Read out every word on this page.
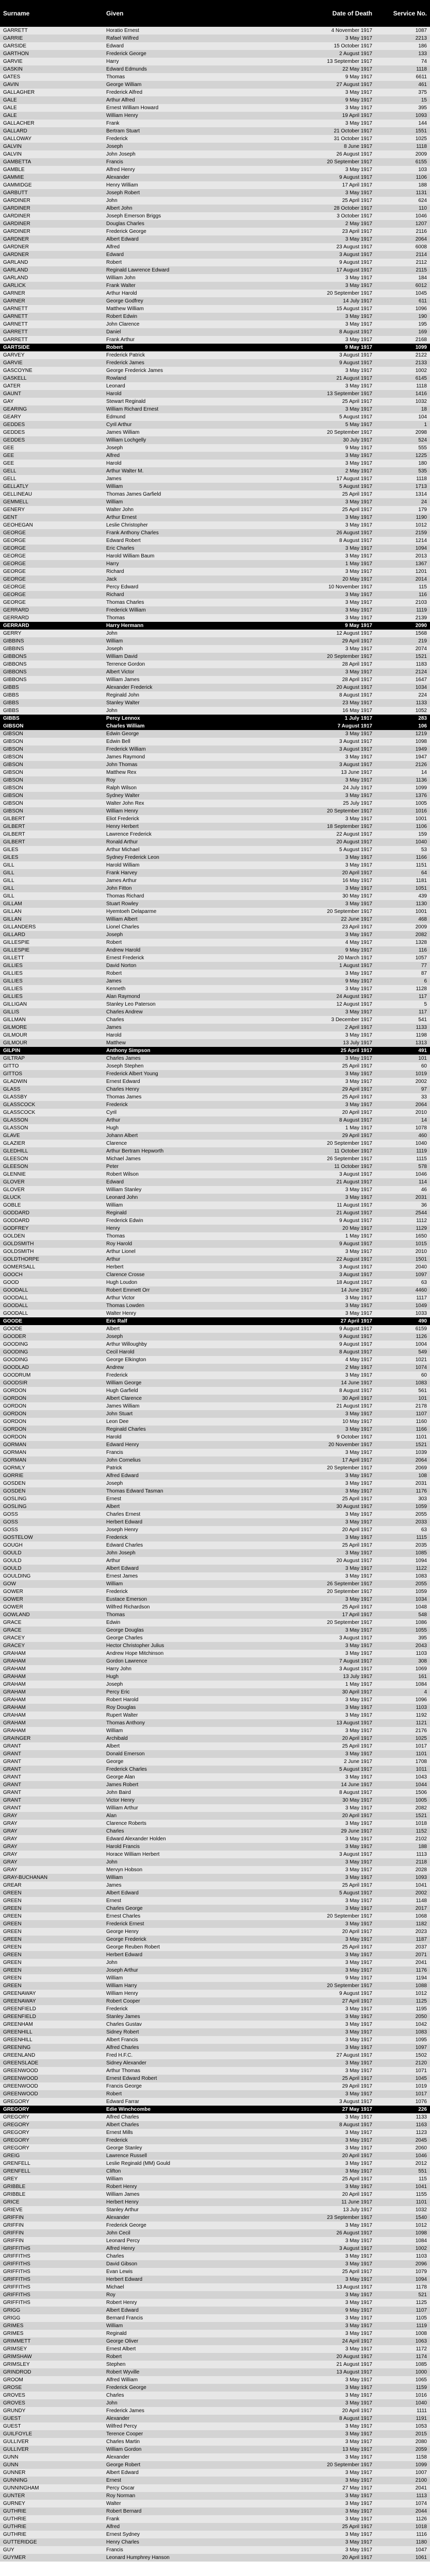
Surname	Given	Date of Death	Service No.
GARRETT	Horatio Ernest	4 November 1917	1087
GARRIE	Rafael Wilfred	3 May 1917	2213
GARSIDE	Edward	15 October 1917	186
GARTHON	Frederick George	2 August 1917	133
GARVIE	Harry	13 September 1917	74
GASKIN	Edward Edmunds	22 May 1917	1118
GATES	Thomas	9 May 1917	6611
GAVIN	George William	27 August 1917	461
GALLAGHER	Frederick Alfred	3 May 1917	375
GALE	Arthur Alfred	9 May 1917	15
GALE	Ernest William Howard	3 May 1917	395
GALE	William Henry	19 April 1917	1093
GALLACHER	Frank	3 May 1917	144
GALLARD	Bertram Stuart	21 October 1917	1551
GALLOWAY	Frederick	31 October 1917	1025
GALVIN	Joseph	8 June 1917	1118
GALVIN	John Joseph	26 August 1917	2009
GAMBETTA	Francis	20 September 1917	6155
GAMBLE	Alfred Henry	3 May 1917	103
GAMMIE	Alexander	9 August 1917	1106
GAMMIDGE	Henry William	17 April 1917	188
GARBUTT	Joseph Robert	3 May 1917	1131
GARDINER	John	25 April 1917	624
GARDINER	Albert John	28 October 1917	110
GARDINER	Joseph Emerson Briggs	3 October 1917	1046
GARDINER	Douglas Charles	2 May 1917	1207
GARDINER	Frederick George	23 April 1917	2116
GARDNER	Albert Edward	3 May 1917	2064
GARDNER	Alfred	23 August 1917	6008
GARDNER	Edward	3 August 1917	2114
GARLAND	Robert	9 August 1917	2112
GARLAND	Reginald Lawrence Edward	17 August 1917	2115
GARLAND	William John	3 May 1917	184
GARLICK	Frank Walter	3 May 1917	6012
GARNER	Arthur Harold	20 September 1917	1045
GARNER	George Godfrey	14 July 1917	611
GARNETT	Matthew William	15 August 1917	1096
GARNETT	Robert Edwin	3 May 1917	190
GARNETT	John Clarence	3 May 1917	195
GARRETT	Daniel	8 August 1917	169
GARRETT	Frank Arthur	3 May 1917	2168
GARTSIDE	Robert	9 May 1917	1099
GARVEY	Frederick Patrick	3 August 1917	2122
GARVIE	Frederick James	9 August 1917	2133
GASCOYNE	George Frederick James	3 May 1917	1002
GASKELL	Rowland	21 August 1917	6145
GATER	Leonard	3 May 1917	1118
GAUNT	Harold	13 September 1917	1416
GAY	Stewart Reginald	25 April 1917	1032
GEARING	William Richard Ernest	3 May 1917	18
GEARY	Edmund	5 August 1917	104
GEDDES	Cyril Arthur	5 May 1917	1
GEDDES	James William	20 September 1917	2098
GEDDES	William Lochgelly	30 July 1917	524
GEE	Joseph	9 May 1917	555
GEE	Alfred	3 May 1917	1225
GEE	Harold	3 May 1917	180
GELL	Arthur Walter M.	2 May 1917	535
GELL	James	17 August 1917	1118
GELLATLY	William	5 August 1917	1713
GELLINEAU	Thomas James Garfield	25 April 1917	1314
GEMMELL	William	3 May 1917	24
GENERY	Walter John	25 April 1917	179
GENT	Arthur Ernest	3 May 1917	1190
GEOHEGAN	Leslie Christopher	3 May 1917	1012
GEORGE	Frank Anthony Charles	26 August 1917	2159
GEORGE	Edward Robert	8 August 1917	1214
GEORGE	Eric Charles	3 May 1917	1094
GEORGE	Harold William Baum	3 May 1917	2013
GEORGE	Harry	1 May 1917	1367
GEORGE	Richard	3 May 1917	1201
GEORGE	Jack	20 May 1917	2014
GEORGE	Percy Edward	10 November 1917	115
GEORGE	Richard	3 May 1917	116
GEORGE	Thomas Charles	3 May 1917	2103
GERRARD	Frederick William	3 May 1917	1119
GERRARD	Thomas	3 May 1917	2139
GERRARD	Harry Hermann	9 May 1917	2090
GERRY	John	12 August 1917	1568
GIBBINS	William	29 April 1917	219
GIBBINS	Joseph	3 May 1917	2074
GIBBONS	William David	20 September 1917	1521
GIBBONS	Terrence Gordon	28 April 1917	1183
GIBBONS	Albert Victor	3 May 1917	2124
GIBBONS	William James	28 April 1917	1647
GIBBS	Alexander Frederick	20 August 1917	1034
GIBBS	Reginald John	8 August 1917	224
GIBBS	Stanley Walter	23 May 1917	1133
GIBBS	John	16 May 1917	1052
GIBBS	Percy Lennox	1 July 1917	283
GIBSON	Charles William	7 August 1917	106
GIBSON	Edwin George	3 May 1917	1219
GIBSON	Edwin Bell	3 August 1917	1098
GIBSON	Frederick William	3 August 1917	1949
GIBSON	James Raymond	3 May 1917	1947
GIBSON	John Thomas	3 August 1917	2126
GIBSON	Matthew Rex	13 June 1917	14
GIBSON	Roy	3 May 1917	1136
GIBSON	Ralph Wilson	24 July 1917	1099
GIBSON	Sydney Walter	3 May 1917	1376
GIBSON	Walter John Rex	25 July 1917	1005
GIBSON	William Henry	20 September 1917	1016
GILBERT	Eliot Frederick	3 May 1917	1001
GILBERT	Henry Herbert	18 September 1917	1106
GILBERT	Lawrence Frederick	22 August 1917	159
GILBERT	Ronald Arthur	20 August 1917	1040
GILES	Arthur Michael	5 August 1917	53
GILES	Sydney Frederick Leon	3 May 1917	1166
GILL	Harold William	3 May 1917	1151
GILL	Frank Harvey	20 April 1917	64
GILL	James Arthur	16 May 1917	1181
GILL	John Fitton	3 May 1917	1051
GILL	Thomas Richard	30 May 1917	439
GILLAM	Stuart Rowley	3 May 1917	1130
GILLAN	Hyemtoeh Delaparme	20 September 1917	1001
GILLAN	William Albert	22 June 1917	468
GILLANDERS	Lionel Charles	23 April 1917	2009
GILLARD	Joseph	3 May 1917	2082
GILLESPIE	Robert	4 May 1917	1328
GILLESPIE	Andrew Harold	9 May 1917	116
GILLETT	Ernest Frederick	20 March 1917	1057
GILLIES	David Norton	1 August 1917	77
GILLIES	Robert	3 May 1917	87
GILLIES	James	9 May 1917	6
GILLIES	Kenneth	3 May 1917	1128
GILLIES	Alan Raymond	24 August 1917	117
GILLIGAN	Stanley Leo Paterson	12 August 1917	5
GILLIS	Charles Andrew	3 May 1917	117
GILLMAN	Charles	3 December 1917	541
GILMORE	James	2 April 1917	1133
GILMOUR	Harold	3 May 1917	1198
GILMOUR	Matthew	13 July 1917	1313
GILPIN	Anthony Simpson	25 April 1917	491
GILTRAP	Charles James	3 May 1917	101
GITTO	Joseph Stephen	25 April 1917	60
GITTOS	Frederick Albert Young	3 May 1917	1019
GLADWIN	Ernest Edward	3 May 1917	2002
GLASS	Charles Henry	29 April 1917	97
GLASSBY	Thomas James	25 April 1917	33
GLASSCOCK	Frederick	3 May 1917	2064
GLASSCOCK	Cyril	20 April 1917	2010
GLASSON	Arthur	8 August 1917	14
GLASSON	Hugh	1 May 1917	1078
GLAVE	Johann Albert	29 April 1917	460
GLAZIER	Clarence	20 September 1917	1040
GLEDHILL	Arthur Bertram Hepworth	11 October 1917	1119
GLEESON	Michael James	26 September 1917	1115
GLEESON	Peter	11 October 1917	578
GLENNIE	Robert Wilson	3 August 1917	1046
GLOVER	Edward	21 August 1917	114
GLOVER	William Stanley	3 May 1917	46
GLUCK	Leonard John	3 May 1917	2031
GOBLE	William	11 August 1917	36
GODDARD	Reginald	21 August 1917	2544
GODDARD	Frederick Edwin	9 August 1917	1112
GODFREY	Henry	20 May 1917	1129
GOLDEN	Thomas	1 May 1917	1650
GOLDSMITH	Roy Harold	9 August 1917	1015
GOLDSMITH	Arthur Lionel	3 May 1917	2010
GOLDTHORPE	Arthur	22 August 1917	1501
GOMERSALL	Herbert	3 August 1917	2040
GOOCH	Clarence Crosse	3 August 1917	1097
GOOD	Hugh Loudon	18 August 1917	63
GOODALL	Robert Emmett Orr	14 June 1917	4460
GOODALL	Arthur Victor	3 May 1917	1117
GOODALL	Thomas Lowden	3 May 1917	1049
GOODALL	Walter Henry	3 May 1917	1033
GOODE	Eric Ralf	27 April 1917	490
GOODE	Albert	9 August 1917	6159
GOODER	Joseph	9 August 1917	1126
GOODING	Arthur Willoughby	9 August 1917	1004
GOODING	Cecil Harold	8 August 1917	549
GOODING	George Elkington	4 May 1917	1021
GOODLAD	Andrew	2 May 1917	1074
GOODRUM	Frederick	3 May 1917	60
GOODSIR	William George	14 June 1917	1083
GORDON	Hugh Garfield	8 August 1917	561
GORDON	Albert Clarence	30 April 1917	101
GORDON	James William	21 August 1917	2178
GORDON	John Stuart	3 May 1917	1107
GORDON	Leon Dee	10 May 1917	1160
GORDON	Reginald Charles	3 May 1917	1166
GORDON	Harold	9 October 1917	1101
GORMAN	Edward Henry	20 November 1917	1521
GORMAN	Francis	3 May 1917	1039
GORMAN	John Cornelius	17 April 1917	2064
GORMLY	Patrick	20 September 1917	2069
GORRIE	Alfred Edward	3 May 1917	108
GOSDEN	Joseph	3 May 1917	2031
GOSDEN	Thomas Edward Tasman	3 May 1917	1176
GOSLING	Ernest	25 April 1917	303
GOSLING	Albert	30 August 1917	1059
GOSS	Charles Ernest	3 May 1917	2055
GOSS	Herbert Edward	3 May 1917	2033
GOSS	Joseph Henry	20 April 1917	63
GOSTELOW	Frederick	3 May 1917	1115
GOUGH	Edward Charles	25 April 1917	2035
GOULD	John Joseph	3 May 1917	1085
GOULD	Arthur	20 August 1917	1094
GOULD	Albert Edward	3 May 1917	1122
GOULDING	Ernest James	3 May 1917	1083
GOW	William	26 September 1917	2055
GOWER	Frederick	20 September 1917	1059
GOWER	Eustace Emerson	3 May 1917	1034
GOWER	Wilfred Richardson	25 April 1917	1048
GOWLAND	Thomas	17 April 1917	548
GRACE	Edwin	20 September 1917	1086
GRACE	George Douglas	3 May 1917	1055
GRACEY	George Charles	3 August 1917	395
GRACEY	Hector Christopher Julius	3 May 1917	2043
GRAHAM	Andrew Hope Mitchinson	3 May 1917	1103
GRAHAM	Gordon Lawrence	7 August 1917	308
GRAHAM	Harry John	3 August 1917	1069
GRAHAM	Hugh	13 July 1917	161
GRAHAM	Joseph	1 May 1917	1084
GRAHAM	Percy Eric	30 April 1917	4
GRAHAM	Robert Harold	3 May 1917	1096
GRAHAM	Roy Douglas	3 May 1917	1103
GRAHAM	Rupert Walter	3 May 1917	1192
GRAHAM	Thomas Anthony	13 August 1917	1121
GRAHAM	William	3 May 1917	2176
GRAINGER	Archibald	20 April 1917	1025
GRANT	Albert	25 April 1917	1017
GRANT	Donald Emerson	3 May 1917	1101
GRANT	George	2 June 1917	1708
GRANT	Frederick Charles	5 August 1917	1011
GRANT	George Alan	3 May 1917	1043
GRANT	James Robert	14 June 1917	1044
GRANT	John Baird	8 August 1917	1506
GRANT	Victor Henry	30 May 1917	1005
GRANT	William Arthur	3 May 1917	2082
GRAY	Alan	20 April 1917	1521
GRAY	Clarence Roberts	3 May 1917	1018
GRAY	Charles	29 June 1917	1152
GRAY	Edward Alexander Holden	3 May 1917	2102
GRAY	Harold Francis	3 May 1917	188
GRAY	Horace William Herbert	3 August 1917	1113
GRAY	John	3 May 1917	2118
GRAY	Mervyn Hobson	3 May 1917	2028
GRAY-BUCHANAN	William	3 May 1917	1093
GREAR	James	25 April 1917	1041
GREEN	Albert Edward	5 August 1917	2002
GREEN	Ernest	3 May 1917	1148
GREEN	Charles George	3 May 1917	2017
GREEN	Ernest Charles	20 September 1917	1068
GREEN	Frederick Ernest	3 May 1917	1182
GREEN	George Henry	20 April 1917	2023
GREEN	George Frederick	3 May 1917	1187
GREEN	George Reuben Robert	25 April 1917	2037
GREEN	Herbert Edward	3 May 1917	2071
GREEN	John	3 May 1917	2041
GREEN	Joseph Arthur	3 May 1917	1176
GREEN	William	9 May 1917	1194
GREEN	William Harry	20 September 1917	1088
GREENAWAY	William Henry	9 August 1917	1012
GREENAWAY	Robert Cooper	27 April 1917	1125
GREENFIELD	Frederick	3 May 1917	1195
GREENFIELD	Stanley James	3 May 1917	2050
GREENHAM	Charles Gustav	3 May 1917	1042
GREENHILL	Sidney Robert	3 May 1917	1083
GREENHILL	Albert Francis	3 May 1917	1095
GREENING	Alfred Charles	3 May 1917	1097
GREENLAND	Fred H.F.C.	27 August 1917	1502
GREENSLADE	Sidney Alexander	3 May 1917	2120
GREENWOOD	Arthur Thomas	3 May 1917	1071
GREENWOOD	Ernest Edward Robert	25 April 1917	1045
GREENWOOD	Francis George	29 April 1917	1019
GREENWOOD	Robert	3 May 1917	1017
GREGORY	Edward Farrar	3 August 1917	1076
GREGORY	Edie Winchcombe	27 May 1917	226
GREGORY	Alfred Charles	3 May 1917	1133
GREGORY	Albert Charles	8 August 1917	1163
GREGORY	Ernest Mills	3 May 1917	1123
GREGORY	Frederick	3 May 1917	2045
GREGORY	George Stanley	3 May 1917	2060
GREIG	Lawrence Russell	20 April 1917	1046
GRENFELL	Leslie Reginald (MM) Gould	3 May 1917	2012
GRENFELL	Clifton	3 May 1917	551
GREY	William	25 April 1917	115
GRIBBLE	Robert Henry	3 May 1917	1041
GRIBBLE	William James	20 April 1917	1155
GRICE	Herbert Henry	11 June 1917	1101
GRIEVE	Stanley Arthur	13 July 1917	1032
GRIFFIN	Alexander	23 September 1917	1540
GRIFFIN	Frederick George	3 May 1917	1012
GRIFFIN	John Cecil	26 August 1917	1098
GRIFFIN	Leonard Percy	3 May 1917	1084
GRIFFITHS	Alfred Henry	3 August 1917	1002
GRIFFITHS	Charles	3 May 1917	1103
GRIFFITHS	David Gibson	3 May 1917	2096
GRIFFITHS	Evan Lewis	25 April 1917	1079
GRIFFITHS	Herbert Edward	3 May 1917	1094
GRIFFITHS	Michael	13 August 1917	1178
GRIFFITHS	Roy	3 May 1917	521
GRIFFITHS	Robert Henry	3 May 1917	1125
GRIGG	Albert Edward	9 May 1917	1107
GRIGG	Bernard Francis	3 May 1917	1105
GRIMES	William	3 May 1917	1119
GRIMES	Reginald	3 May 1917	1008
GRIMMETT	George Oliver	24 April 1917	1063
GRIMSEY	Ernest Albert	3 May 1917	1172
GRIMSHAW	Robert	20 August 1917	1174
GRIMSLEY	Stephen	21 August 1917	1085
GRINDROD	Robert Wyville	13 August 1917	1000
GROOM	Alfred William	3 May 1917	1065
GROSE	Frederick George	3 May 1917	1159
GROVES	Charles	3 May 1917	1016
GROVES	John	3 May 1917	1040
GRUNDY	Frederick James	20 April 1917	1111
GUEST	Alexander	8 August 1917	1191
GUEST	Wilfred Percy	3 May 1917	1053
GUILFOYLE	Terence Cooper	3 May 1917	2015
GULLIVER	Charles Martin	3 May 1917	2080
GULLIVER	William Gordon	13 May 1917	2059
GUNN	Alexander	3 May 1917	1158
GUNN	George Robert	20 September 1917	1099
GUNNER	Albert Edward	3 May 1917	1007
GUNNING	Ernest	3 May 1917	2100
GUNNINGHAM	Percy Oscar	27 May 1917	2041
GUNTER	Roy Norman	3 May 1917	1113
GURNEY	Walter	3 May 1917	1074
GUTHRIE	Robert Bernard	3 May 1917	2044
GUTHRIE	Frank	3 May 1917	1126
GUTHRIE	Alfred	25 April 1917	1018
GUTHRIE	Ernest Sydney	3 May 1917	1116
GUTTERIDGE	Henry Charles	3 May 1917	1180
GUY	Francis	3 May 1917	1047
GUYMER	Leonard Humphrey Hanson	20 April 1917	1061
